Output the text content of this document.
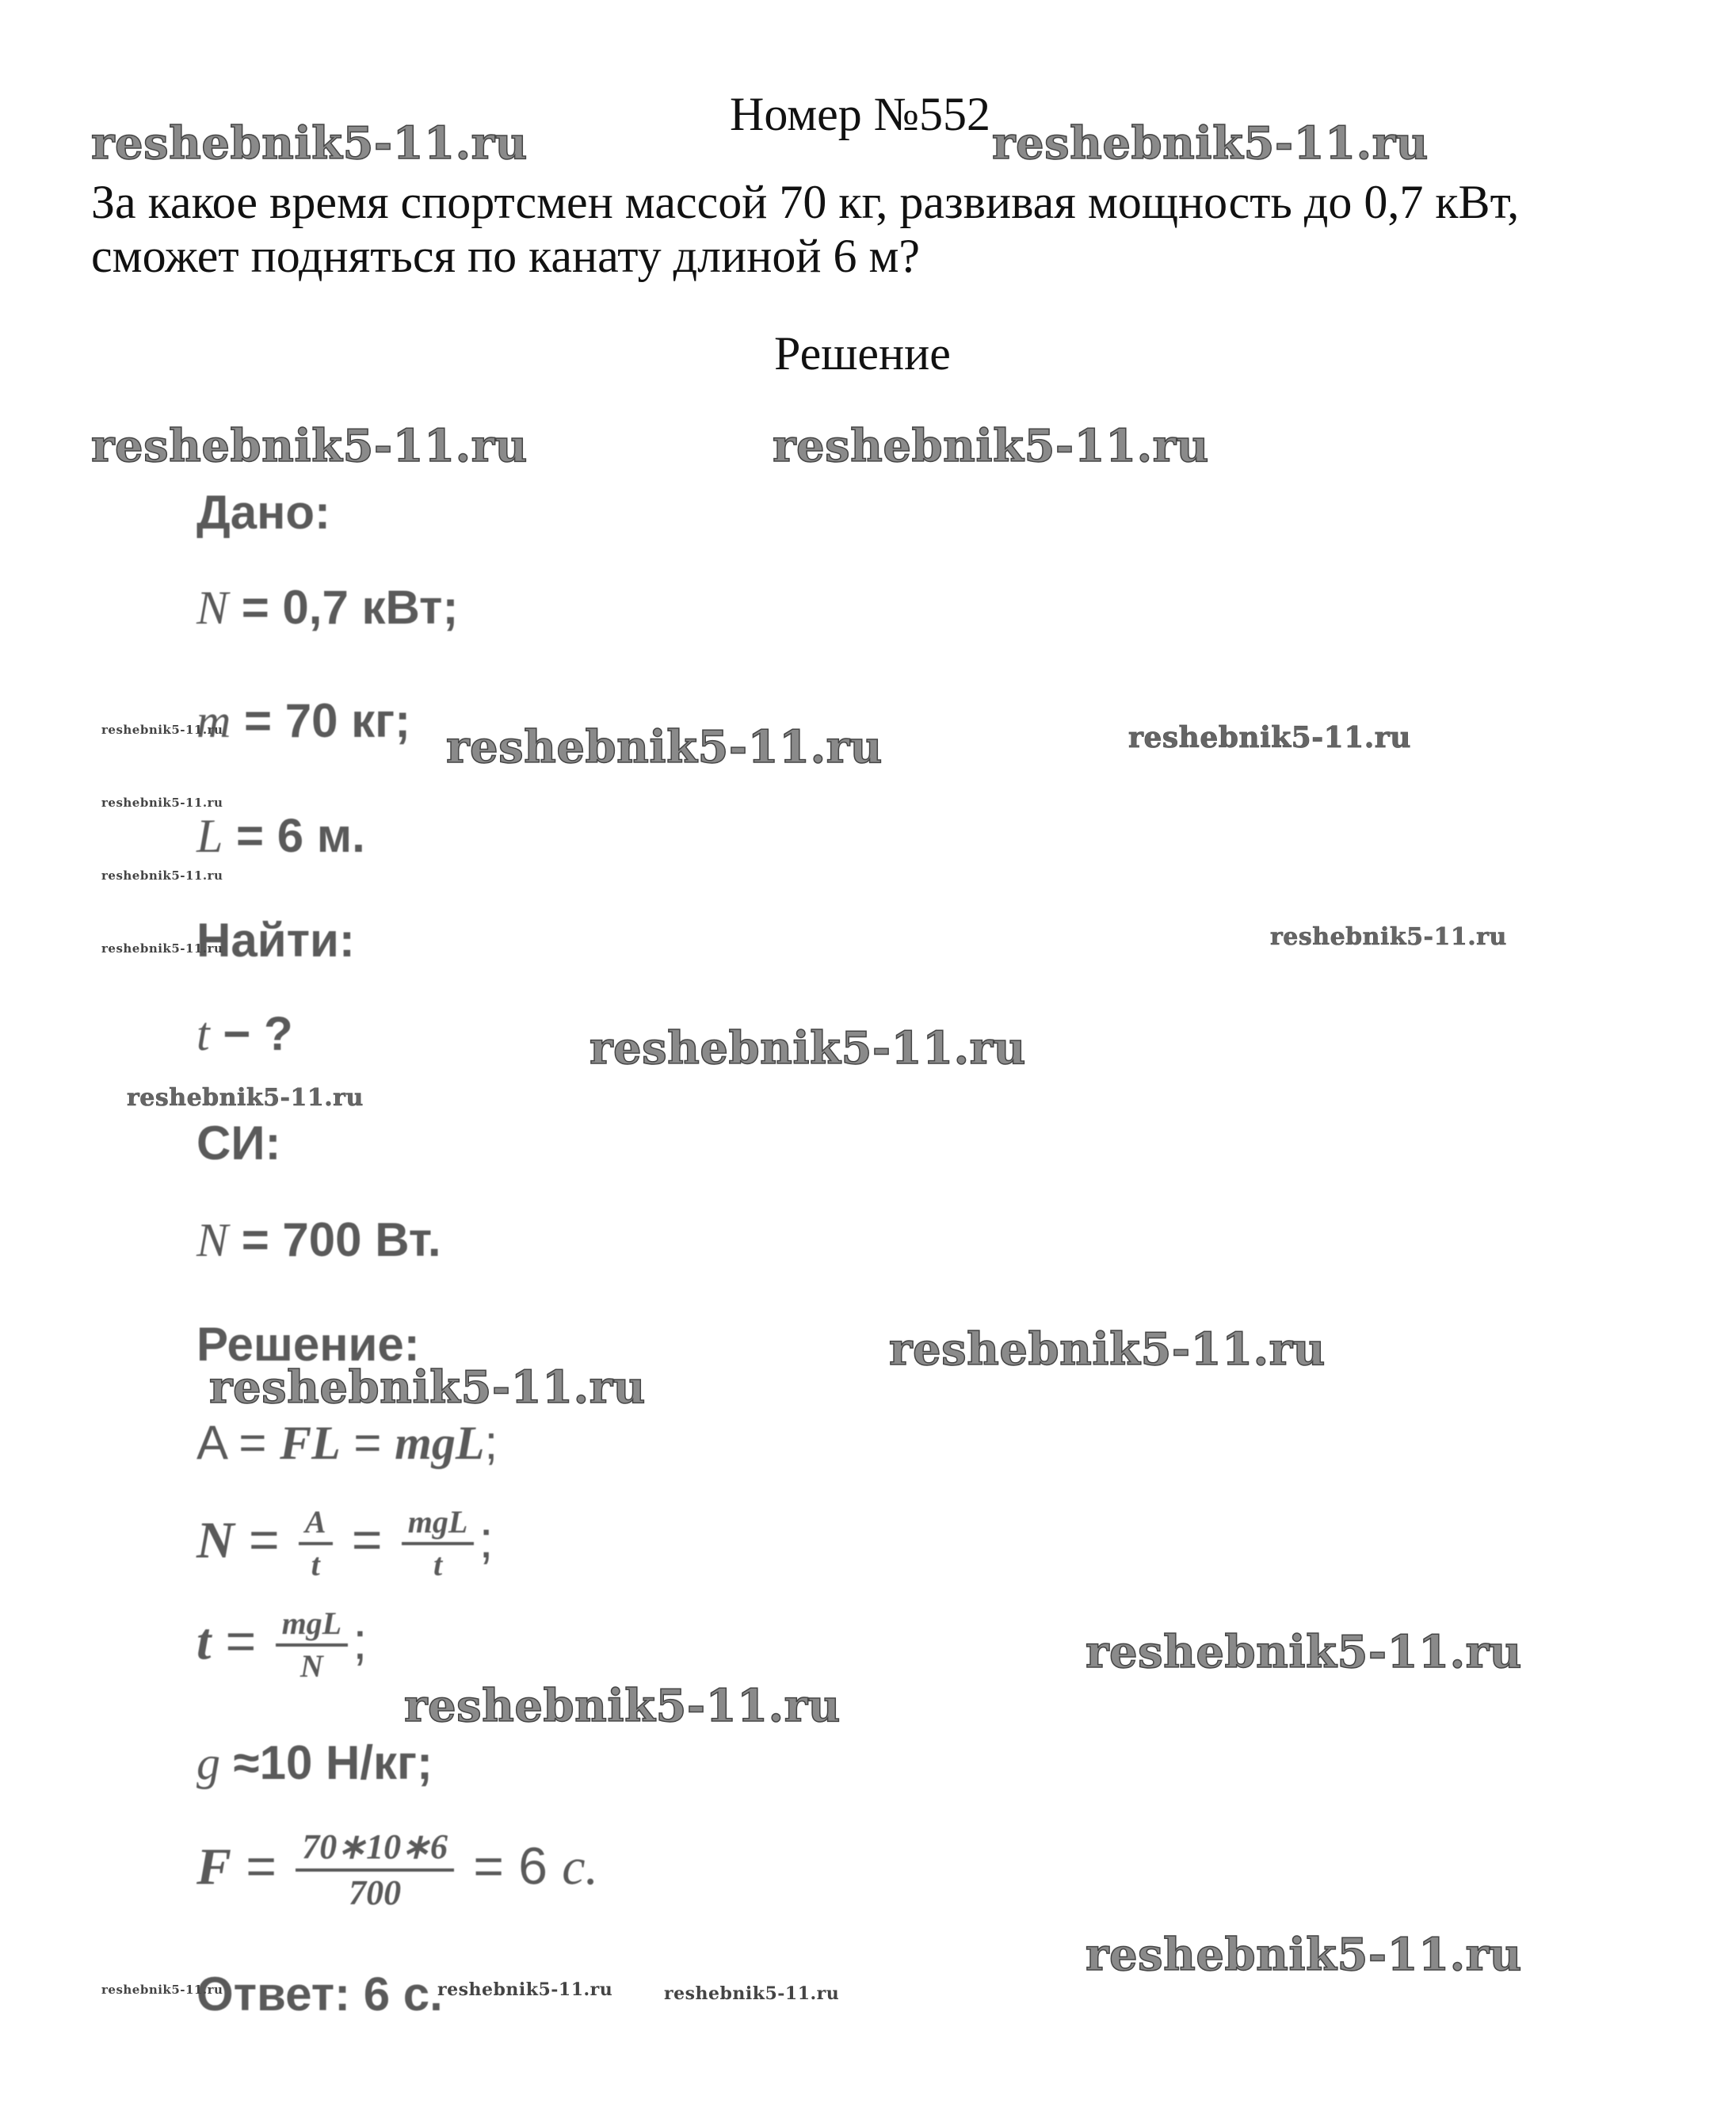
Номер №552
За какое время спортсмен массой 70 кг, развивая мощность до 0,7 кВт,
сможет подняться по канату длиной 6 м?
Решение
Дано:
N = 0,7 кВт;
m = 70 кг;
L = 6 м.
Найти:
t − ?
СИ:
N = 700 Вт.
Решение:
A = FL = mgL;
$N = \frac{A}{t} = \frac{\text{mgL}}{t}$ ;
$t = \frac{\text{mgL}}{N}$ ;
g ≈10 Н/кг;
$F = \frac{70∗10∗6}{700} = 6$ c.
Ответ: 6 с.
reshebnik5-11.ru	reshebnik5-11.ru
reshebnik5-11.ru	reshebnik5-11.ru
reshebnik5-11.ru	reshebnik5-11.ru
reshebnik5-11.ru
reshebnik5-11.ru
reshebnik5-11.ru
reshebnik5-11.ru	reshebnik5-11.ru
reshebnik5-11.ru
reshebnik5-11.ru
reshebnik5-11.ru
reshebnik5-11.ru
reshebnik5-11.ru
reshebnik5-11.ru
reshebnik5-11.ru
reshebnik5-11.ru	reshebnik5-11.ru	reshebnik5-11.ru
